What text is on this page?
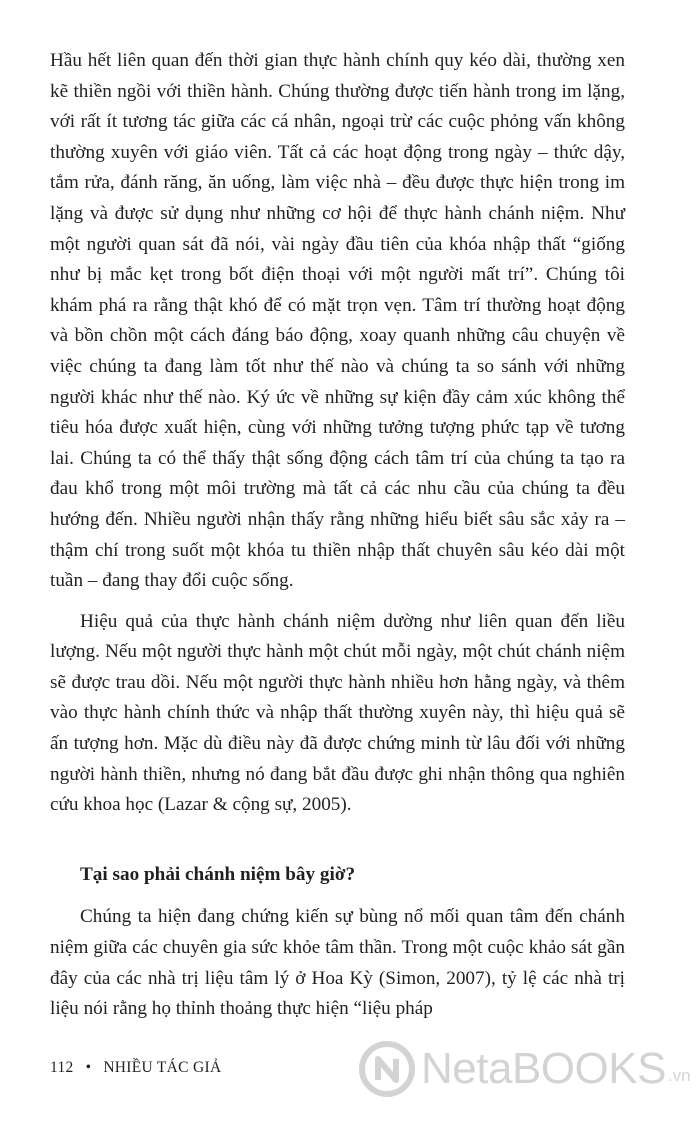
Hầu hết liên quan đến thời gian thực hành chính quy kéo dài, thường xen kẽ thiền ngồi với thiền hành. Chúng thường được tiến hành trong im lặng, với rất ít tương tác giữa các cá nhân, ngoại trừ các cuộc phỏng vấn không thường xuyên với giáo viên. Tất cả các hoạt động trong ngày – thức dậy, tắm rửa, đánh răng, ăn uống, làm việc nhà – đều được thực hiện trong im lặng và được sử dụng như những cơ hội để thực hành chánh niệm. Như một người quan sát đã nói, vài ngày đầu tiên của khóa nhập thất “giống như bị mắc kẹt trong bốt điện thoại với một người mất trí”. Chúng tôi khám phá ra rằng thật khó để có mặt trọn vẹn. Tâm trí thường hoạt động và bồn chồn một cách đáng báo động, xoay quanh những câu chuyện về việc chúng ta đang làm tốt như thế nào và chúng ta so sánh với những người khác như thế nào. Ký ức về những sự kiện đầy cảm xúc không thể tiêu hóa được xuất hiện, cùng với những tưởng tượng phức tạp về tương lai. Chúng ta có thể thấy thật sống động cách tâm trí của chúng ta tạo ra đau khổ trong một môi trường mà tất cả các nhu cầu của chúng ta đều hướng đến. Nhiều người nhận thấy rằng những hiểu biết sâu sắc xảy ra – thậm chí trong suốt một khóa tu thiền nhập thất chuyên sâu kéo dài một tuần – đang thay đổi cuộc sống.

Hiệu quả của thực hành chánh niệm dường như liên quan đến liều lượng. Nếu một người thực hành một chút mỗi ngày, một chút chánh niệm sẽ được trau dồi. Nếu một người thực hành nhiều hơn hằng ngày, và thêm vào thực hành chính thức và nhập thất thường xuyên này, thì hiệu quả sẽ ấn tượng hơn. Mặc dù điều này đã được chứng minh từ lâu đối với những người hành thiền, nhưng nó đang bắt đầu được ghi nhận thông qua nghiên cứu khoa học (Lazar & cộng sự, 2005).

Tại sao phải chánh niệm bây giờ?

Chúng ta hiện đang chứng kiến sự bùng nổ mối quan tâm đến chánh niệm giữa các chuyên gia sức khỏe tâm thần. Trong một cuộc khảo sát gần đây của các nhà trị liệu tâm lý ở Hoa Kỳ (Simon, 2007), tỷ lệ các nhà trị liệu nói rằng họ thỉnh thoảng thực hiện “liệu pháp

112 • NHIỀU TÁC GIẢ	NetaBOOKS .vn
